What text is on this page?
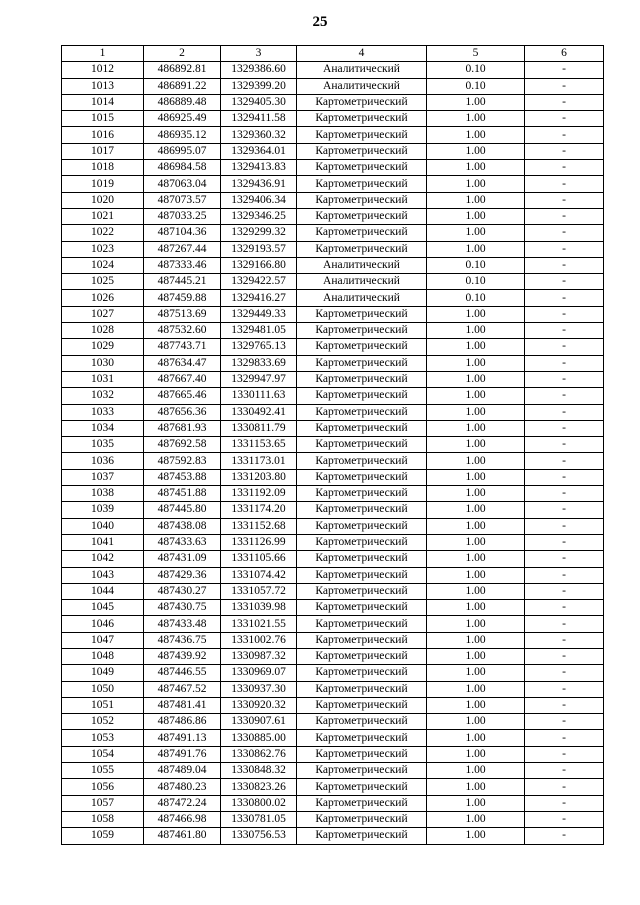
25
1	2	3	4	5	6
1012	486892.81	1329386.60	Аналитический	0.10	-
1013	486891.22	1329399.20	Аналитический	0.10	-
1014	486889.48	1329405.30	Картометрический	1.00	-
1015	486925.49	1329411.58	Картометрический	1.00	-
1016	486935.12	1329360.32	Картометрический	1.00	-
1017	486995.07	1329364.01	Картометрический	1.00	-
1018	486984.58	1329413.83	Картометрический	1.00	-
1019	487063.04	1329436.91	Картометрический	1.00	-
1020	487073.57	1329406.34	Картометрический	1.00	-
1021	487033.25	1329346.25	Картометрический	1.00	-
1022	487104.36	1329299.32	Картометрический	1.00	-
1023	487267.44	1329193.57	Картометрический	1.00	-
1024	487333.46	1329166.80	Аналитический	0.10	-
1025	487445.21	1329422.57	Аналитический	0.10	-
1026	487459.88	1329416.27	Аналитический	0.10	-
1027	487513.69	1329449.33	Картометрический	1.00	-
1028	487532.60	1329481.05	Картометрический	1.00	-
1029	487743.71	1329765.13	Картометрический	1.00	-
1030	487634.47	1329833.69	Картометрический	1.00	-
1031	487667.40	1329947.97	Картометрический	1.00	-
1032	487665.46	1330111.63	Картометрический	1.00	-
1033	487656.36	1330492.41	Картометрический	1.00	-
1034	487681.93	1330811.79	Картометрический	1.00	-
1035	487692.58	1331153.65	Картометрический	1.00	-
1036	487592.83	1331173.01	Картометрический	1.00	-
1037	487453.88	1331203.80	Картометрический	1.00	-
1038	487451.88	1331192.09	Картометрический	1.00	-
1039	487445.80	1331174.20	Картометрический	1.00	-
1040	487438.08	1331152.68	Картометрический	1.00	-
1041	487433.63	1331126.99	Картометрический	1.00	-
1042	487431.09	1331105.66	Картометрический	1.00	-
1043	487429.36	1331074.42	Картометрический	1.00	-
1044	487430.27	1331057.72	Картометрический	1.00	-
1045	487430.75	1331039.98	Картометрический	1.00	-
1046	487433.48	1331021.55	Картометрический	1.00	-
1047	487436.75	1331002.76	Картометрический	1.00	-
1048	487439.92	1330987.32	Картометрический	1.00	-
1049	487446.55	1330969.07	Картометрический	1.00	-
1050	487467.52	1330937.30	Картометрический	1.00	-
1051	487481.41	1330920.32	Картометрический	1.00	-
1052	487486.86	1330907.61	Картометрический	1.00	-
1053	487491.13	1330885.00	Картометрический	1.00	-
1054	487491.76	1330862.76	Картометрический	1.00	-
1055	487489.04	1330848.32	Картометрический	1.00	-
1056	487480.23	1330823.26	Картометрический	1.00	-
1057	487472.24	1330800.02	Картометрический	1.00	-
1058	487466.98	1330781.05	Картометрический	1.00	-
1059	487461.80	1330756.53	Картометрический	1.00	-
